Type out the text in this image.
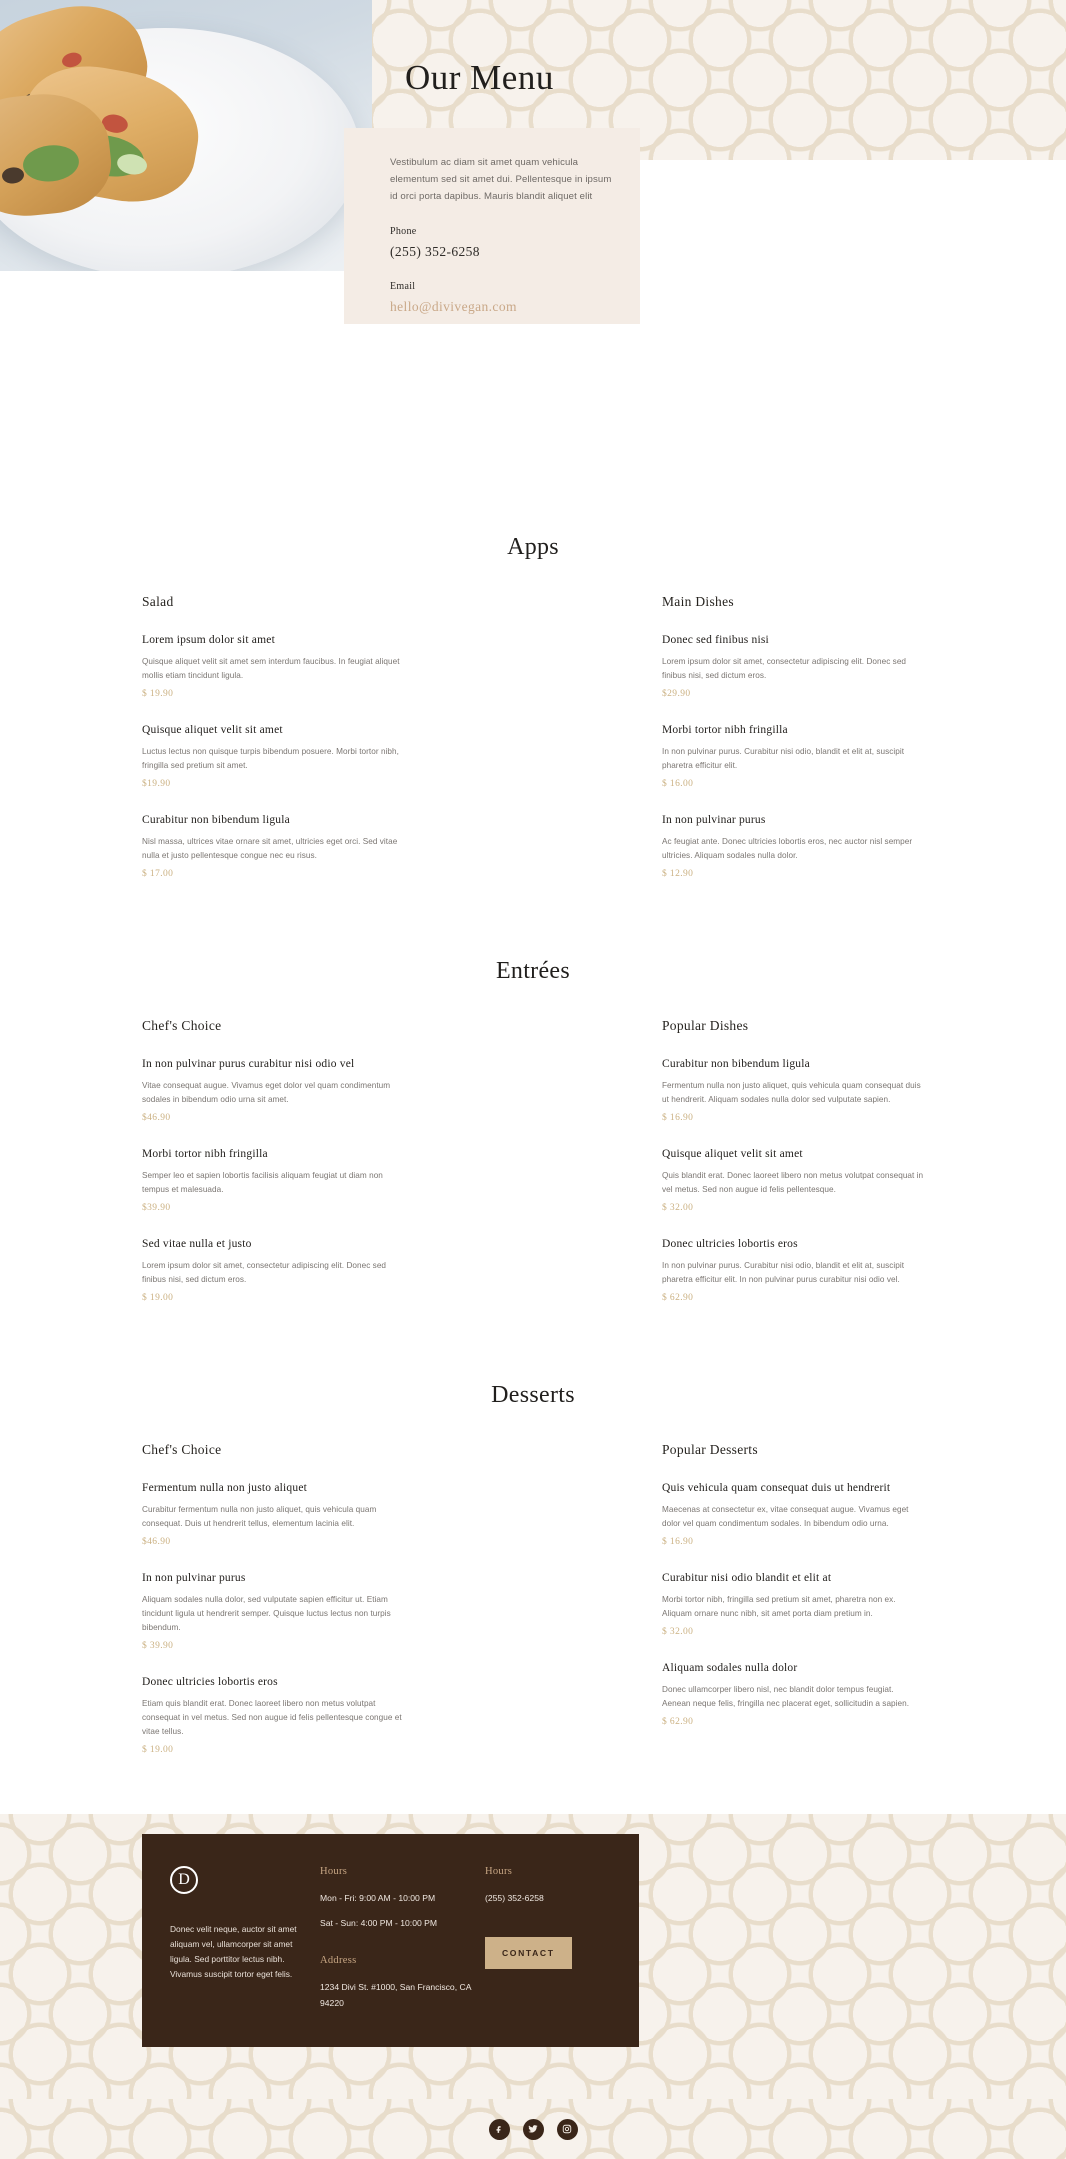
Our Menu
Vestibulum ac diam sit amet quam vehicula elementum sed sit amet dui. Pellentesque in ipsum id orci porta dapibus. Mauris blandit aliquet elit
Phone
(255) 352-6258
Email
hello@divivegan.com
Apps
Salad
Lorem ipsum dolor sit amet
Quisque aliquet velit sit amet sem interdum faucibus. In feugiat aliquet mollis etiam tincidunt ligula.
$ 19.90
Quisque aliquet velit sit amet
Luctus lectus non quisque turpis bibendum posuere. Morbi tortor nibh, fringilla sed pretium sit amet.
$19.90
Curabitur non bibendum ligula
Nisl massa, ultrices vitae ornare sit amet, ultricies eget orci. Sed vitae nulla et justo pellentesque congue nec eu risus.
$ 17.00
Main Dishes
Donec sed finibus nisi
Lorem ipsum dolor sit amet, consectetur adipiscing elit. Donec sed finibus nisi, sed dictum eros.
$29.90
Morbi tortor nibh fringilla
In non pulvinar purus. Curabitur nisi odio, blandit et elit at, suscipit pharetra efficitur elit.
$ 16.00
In non pulvinar purus
Ac feugiat ante. Donec ultricies lobortis eros, nec auctor nisl semper ultricies. Aliquam sodales nulla dolor.
$ 12.90
Entrées
Chef's Choice
In non pulvinar purus curabitur nisi odio vel
Vitae consequat augue. Vivamus eget dolor vel quam condimentum sodales in bibendum odio urna sit amet.
$46.90
Morbi tortor nibh fringilla
Semper leo et sapien lobortis facilisis aliquam feugiat ut diam non tempus et malesuada.
$39.90
Sed vitae nulla et justo
Lorem ipsum dolor sit amet, consectetur adipiscing elit. Donec sed finibus nisi, sed dictum eros.
$ 19.00
Popular Dishes
Curabitur non bibendum ligula
Fermentum nulla non justo aliquet, quis vehicula quam consequat duis ut hendrerit. Aliquam sodales nulla dolor sed vulputate sapien.
$ 16.90
Quisque aliquet velit sit amet
Quis blandit erat. Donec laoreet libero non metus volutpat consequat in vel metus. Sed non augue id felis pellentesque.
$ 32.00
Donec ultricies lobortis eros
In non pulvinar purus. Curabitur nisi odio, blandit et elit at, suscipit pharetra efficitur elit. In non pulvinar purus curabitur nisi odio vel.
$ 62.90
Desserts
Chef's Choice
Fermentum nulla non justo aliquet
Curabitur fermentum nulla non justo aliquet, quis vehicula quam consequat. Duis ut hendrerit tellus, elementum lacinia elit.
$46.90
In non pulvinar purus
Aliquam sodales nulla dolor, sed vulputate sapien efficitur ut. Etiam tincidunt ligula ut hendrerit semper. Quisque luctus lectus non turpis bibendum.
$ 39.90
Donec ultricies lobortis eros
Etiam quis blandit erat. Donec laoreet libero non metus volutpat consequat in vel metus. Sed non augue id felis pellentesque congue et vitae tellus.
$ 19.00
Popular Desserts
Quis vehicula quam consequat duis ut hendrerit
Maecenas at consectetur ex, vitae consequat augue. Vivamus eget dolor vel quam condimentum sodales. In bibendum odio urna.
$ 16.90
Curabitur nisi odio blandit et elit at
Morbi tortor nibh, fringilla sed pretium sit amet, pharetra non ex. Aliquam ornare nunc nibh, sit amet porta diam pretium in.
$ 32.00
Aliquam sodales nulla dolor
Donec ullamcorper libero nisl, nec blandit dolor tempus feugiat. Aenean neque felis, fringilla nec placerat eget, sollicitudin a sapien.
$ 62.90
D
Donec velit neque, auctor sit amet aliquam vel, ullamcorper sit amet ligula. Sed porttitor lectus nibh. Vivamus suscipit tortor eget felis.
Hours
Mon - Fri: 9:00 AM - 10:00 PM
Sat - Sun: 4:00 PM - 10:00 PM
Address
1234 Divi St. #1000, San Francisco, CA 94220
Hours
(255) 352-6258
CONTACT
